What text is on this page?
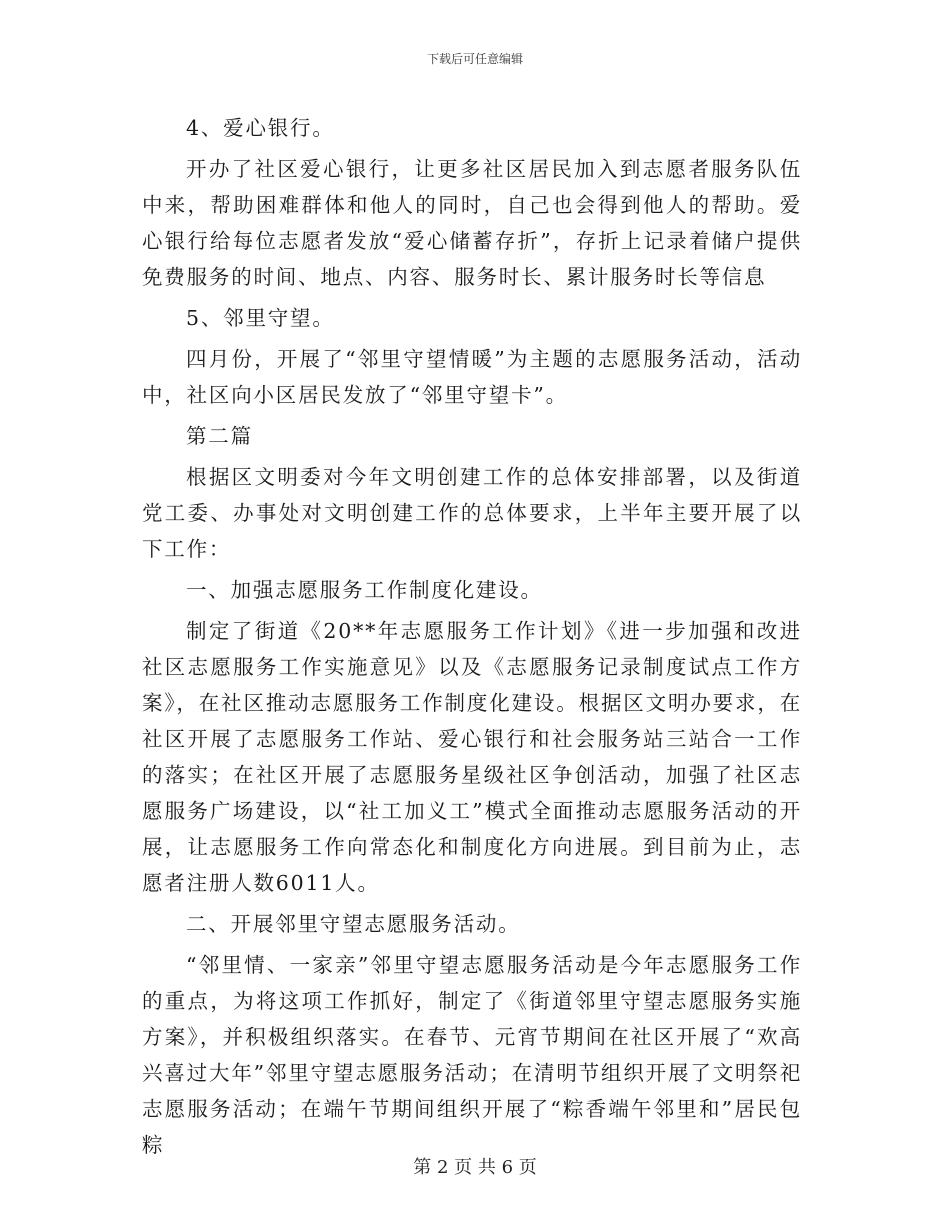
下载后可任意编辑

4、爱心银行。

开办了社区爱心银行，让更多社区居民加入到志愿者服务队伍中来，帮助困难群体和他人的同时，自己也会得到他人的帮助。爱心银行给每位志愿者发放“爱心储蓄存折”，存折上记录着储户提供免费服务的时间、地点、内容、服务时长、累计服务时长等信息

5、邻里守望。

四月份，开展了“邻里守望情暖”为主题的志愿服务活动，活动中，社区向小区居民发放了“邻里守望卡”。

第二篇

根据区文明委对今年文明创建工作的总体安排部署，以及街道党工委、办事处对文明创建工作的总体要求，上半年主要开展了以下工作：

一、加强志愿服务工作制度化建设。

制定了街道《20**年志愿服务工作计划》《进一步加强和改进社区志愿服务工作实施意见》以及《志愿服务记录制度试点工作方案》，在社区推动志愿服务工作制度化建设。根据区文明办要求，在社区开展了志愿服务工作站、爱心银行和社会服务站三站合一工作的落实；在社区开展了志愿服务星级社区争创活动，加强了社区志愿服务广场建设，以“社工加义工”模式全面推动志愿服务活动的开展，让志愿服务工作向常态化和制度化方向进展。到目前为止，志愿者注册人数6011人。

二、开展邻里守望志愿服务活动。

“邻里情、一家亲”邻里守望志愿服务活动是今年志愿服务工作的重点，为将这项工作抓好，制定了《街道邻里守望志愿服务实施方案》，并积极组织落实。在春节、元宵节期间在社区开展了“欢高兴喜过大年”邻里守望志愿服务活动；在清明节组织开展了文明祭祀志愿服务活动；在端午节期间组织开展了“粽香端午邻里和”居民包粽

第 2 页 共 6 页
